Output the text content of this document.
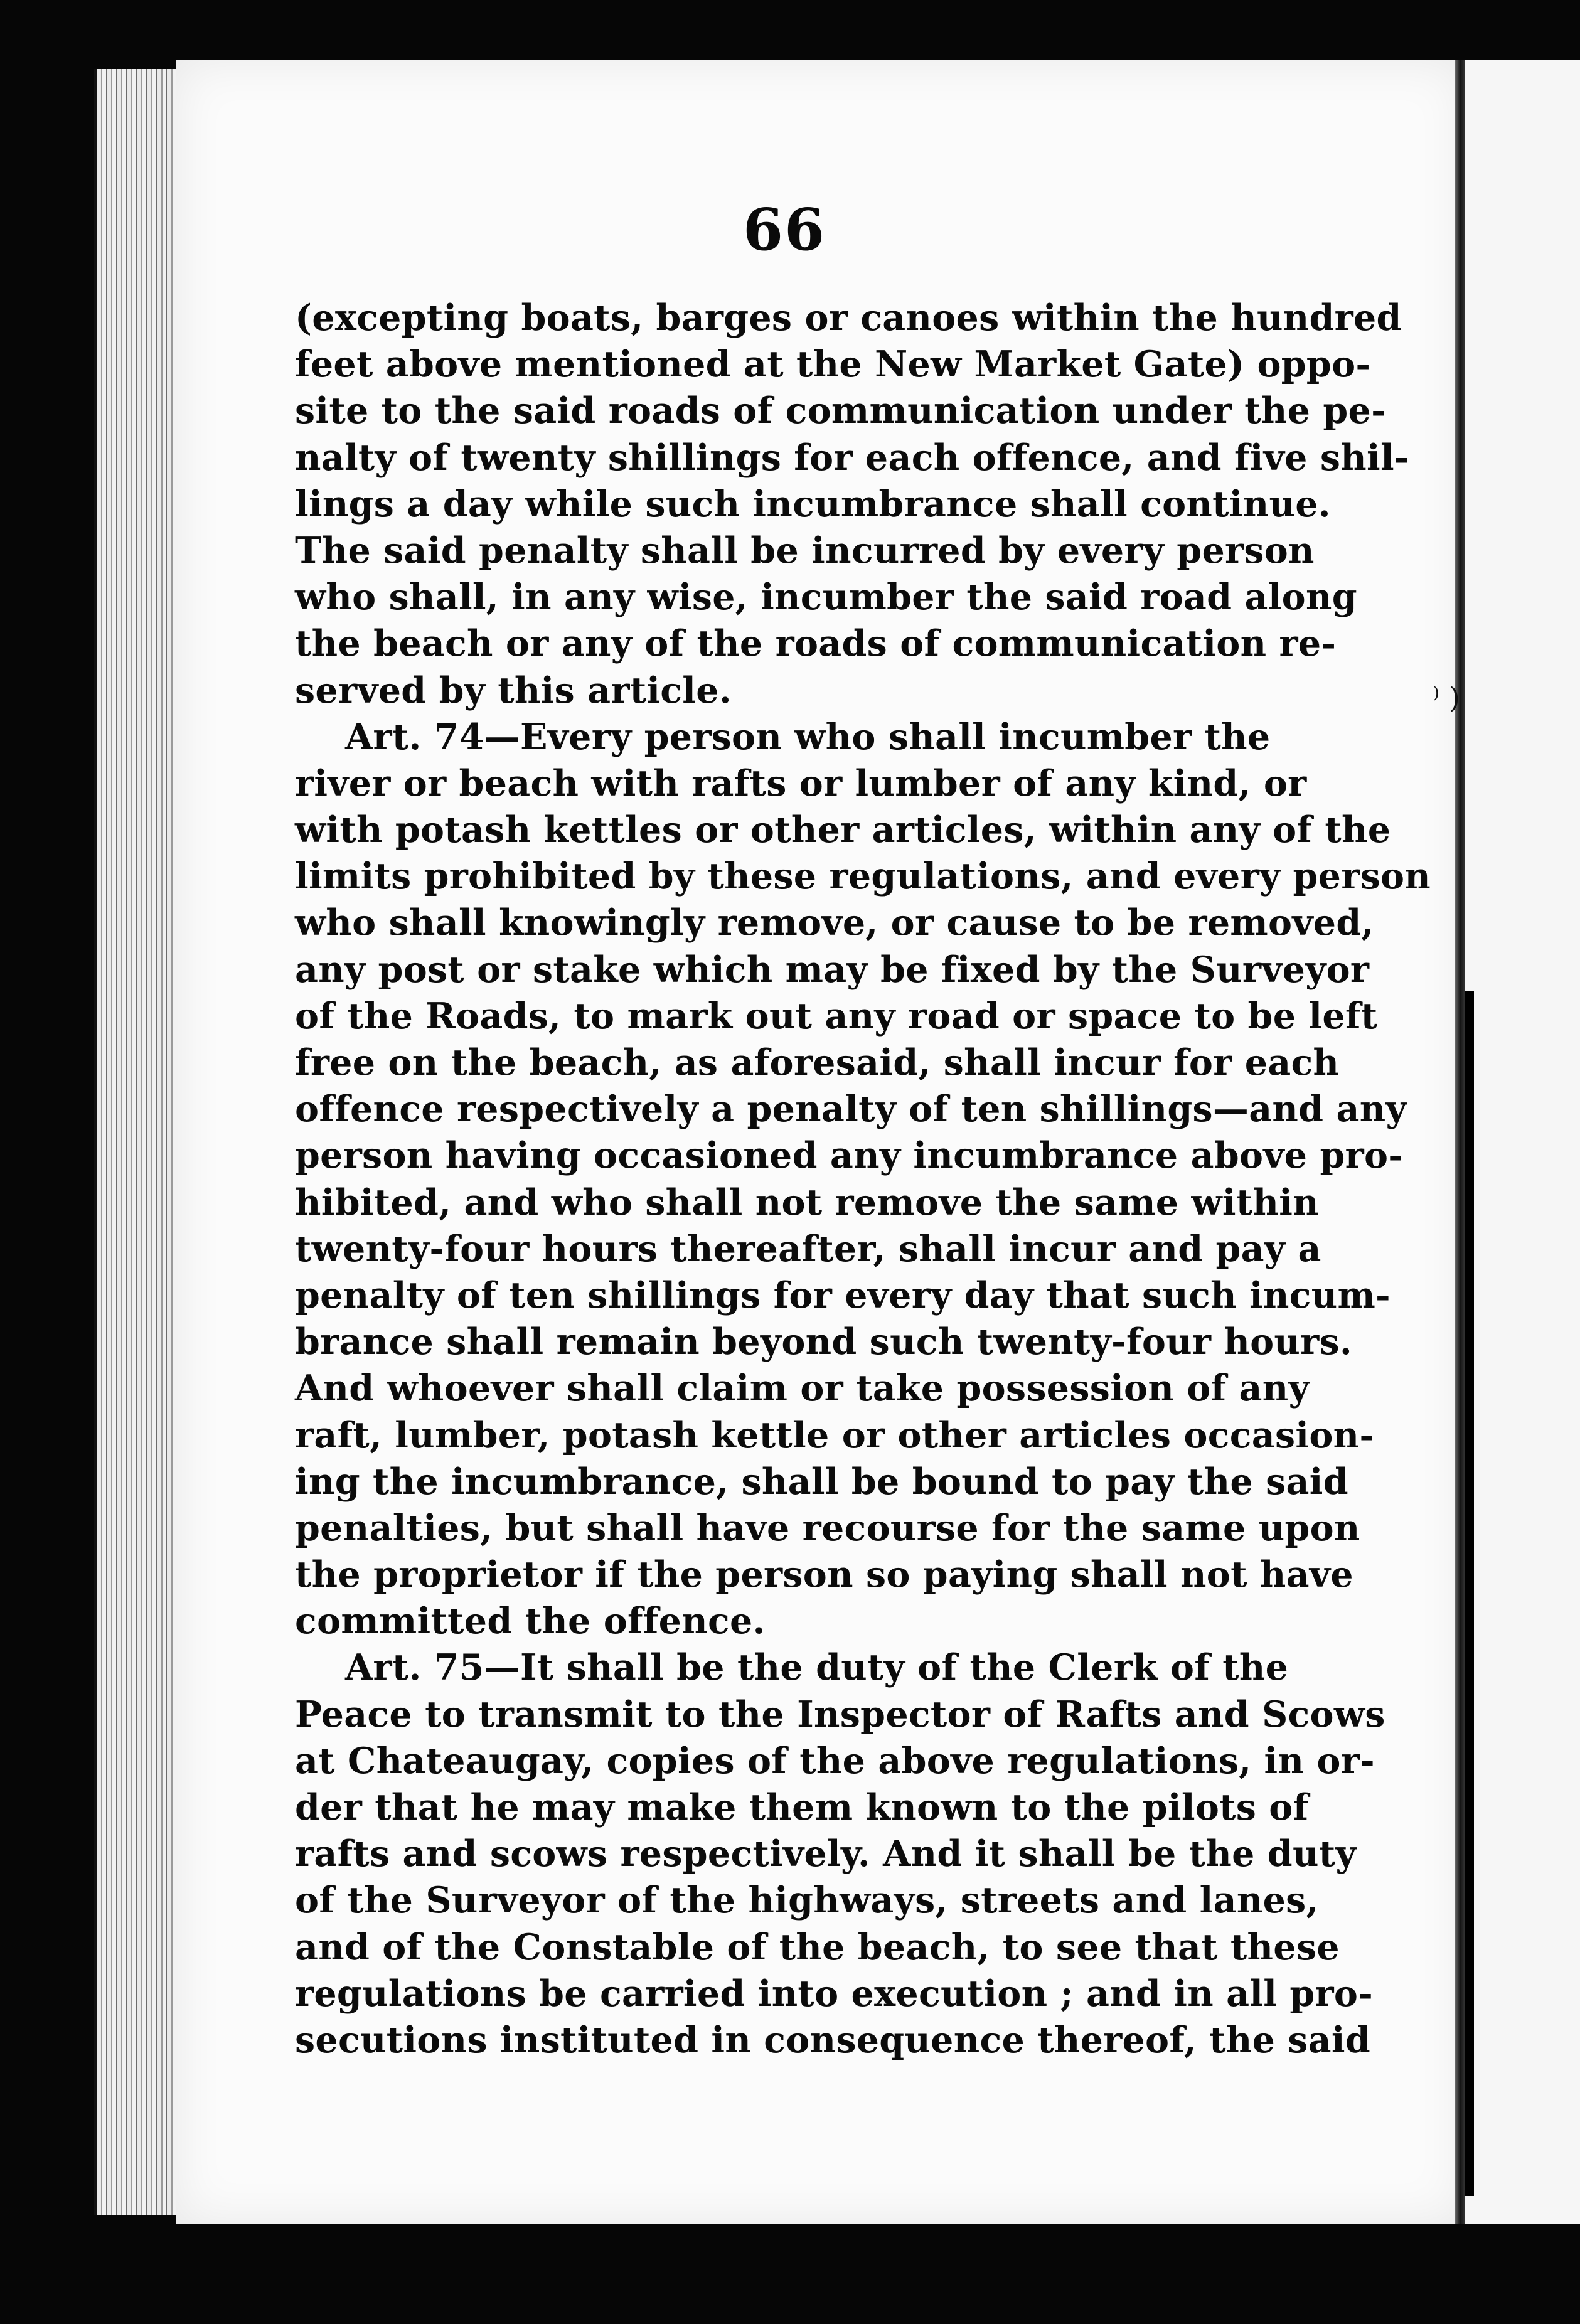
⁾ )
66
(excepting boats, barges or canoes within the hundred
feet above mentioned at the New Market Gate) oppo-
site to the said roads of communication under the pe-
nalty of twenty shillings for each offence, and five shil-
lings a day while such incumbrance shall continue.
The said penalty shall be incurred by every person
who shall, in any wise, incumber the said road along
the beach or any of the roads of communication re-
served by this article.
Art. 74—Every person who shall incumber the
river or beach with rafts or lumber of any kind, or
with potash kettles or other articles, within any of the
limits prohibited by these regulations, and every person
who shall knowingly remove, or cause to be removed,
any post or stake which may be fixed by the Surveyor
of the Roads, to mark out any road or space to be left
free on the beach, as aforesaid, shall incur for each
offence respectively a penalty of ten shillings—and any
person having occasioned any incumbrance above pro-
hibited, and who shall not remove the same within
twenty-four hours thereafter, shall incur and pay a
penalty of ten shillings for every day that such incum-
brance shall remain beyond such twenty-four hours.
And whoever shall claim or take possession of any
raft, lumber, potash kettle or other articles occasion-
ing the incumbrance, shall be bound to pay the said
penalties, but shall have recourse for the same upon
the proprietor if the person so paying shall not have
committed the offence.
Art. 75—It shall be the duty of the Clerk of the
Peace to transmit to the Inspector of Rafts and Scows
at Chateaugay, copies of the above regulations, in or-
der that he may make them known to the pilots of
rafts and scows respectively. And it shall be the duty
of the Surveyor of the highways, streets and lanes,
and of the Constable of the beach, to see that these
regulations be carried into execution ; and in all pro-
secutions instituted in consequence thereof, the said
